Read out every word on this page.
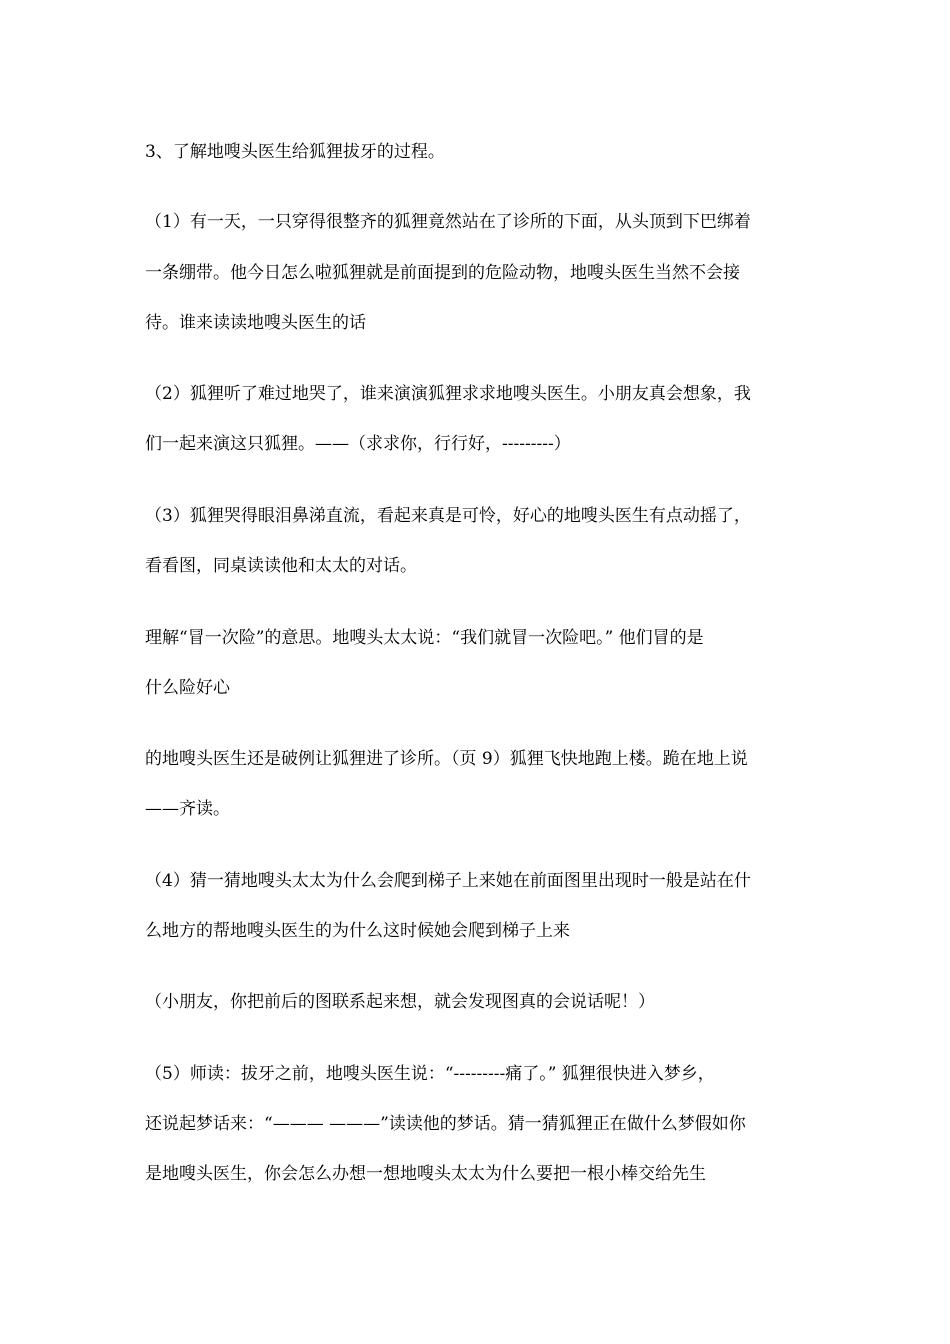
3、了解地嗖头医生给狐狸拔牙的过程。
（1）有一天，一只穿得很整齐的狐狸竟然站在了诊所的下面，从头顶到下巴绑着
一条绷带。他今日怎么啦狐狸就是前面提到的危险动物，地嗖头医生当然不会接
待。谁来读读地嗖头医生的话
（2）狐狸听了难过地哭了，谁来演演狐狸求求地嗖头医生。小朋友真会想象，我
们一起来演这只狐狸。——（求求你，行行好，---------）
（3）狐狸哭得眼泪鼻涕直流，看起来真是可怜，好心的地嗖头医生有点动摇了，
看看图，同桌读读他和太太的对话。
理解“冒一次险”的意思。地嗖头太太说：“我们就冒一次险吧。” 他们冒的是
什么险好心
的地嗖头医生还是破例让狐狸进了诊所。（页 9）狐狸飞快地跑上楼。跪在地上说
——齐读。
（4）猜一猜地嗖头太太为什么会爬到梯子上来她在前面图里出现时一般是站在什
么地方的帮地嗖头医生的为什么这时候她会爬到梯子上来
（小朋友，你把前后的图联系起来想，就会发现图真的会说话呢！）
（5）师读：拔牙之前，地嗖头医生说：“---------痛了。” 狐狸很快进入梦乡，
还说起梦话来：“——— ———”读读他的梦话。猜一猜狐狸正在做什么梦假如你
是地嗖头医生，你会怎么办想一想地嗖头太太为什么要把一根小棒交给先生
